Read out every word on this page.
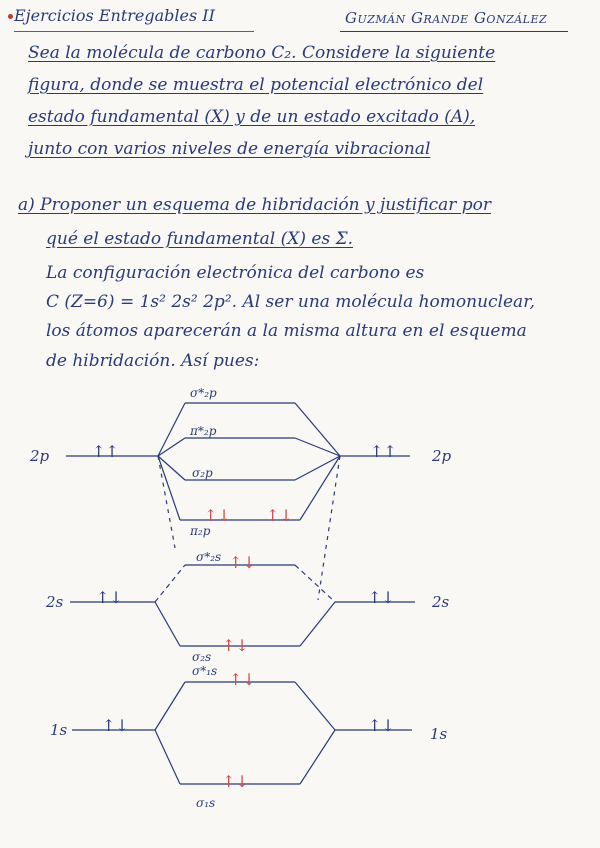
Ejercicios Entregables II	Guzmán Grande González
Sea la molécula de carbono C₂. Considere la siguiente
figura, donde se muestra el potencial electrónico del
estado fundamental (X) y de un estado excitado (A),
junto con varios niveles de energía vibracional
a) Proponer un esquema de hibridación y justificar por
qué el estado fundamental (X) es Σ.
La configuración electrónica del carbono es
C (Z=6) = 1s² 2s² 2p². Al ser una molécula homonuclear,
los átomos aparecerán a la misma altura en el esquema
de hibridación. Así pues:
2p	2p
2s	2s
1s	1s
↑↑	↑↑
↑↓	↑↓
↑↓	↑↓
↑↓ ↑↓
↑↓
↑↓
↑↓
↑↓
σ*₂p
π*₂p
σ₂p
π₂p
σ*₂s
σ₂s
σ*₁s
σ₁s
